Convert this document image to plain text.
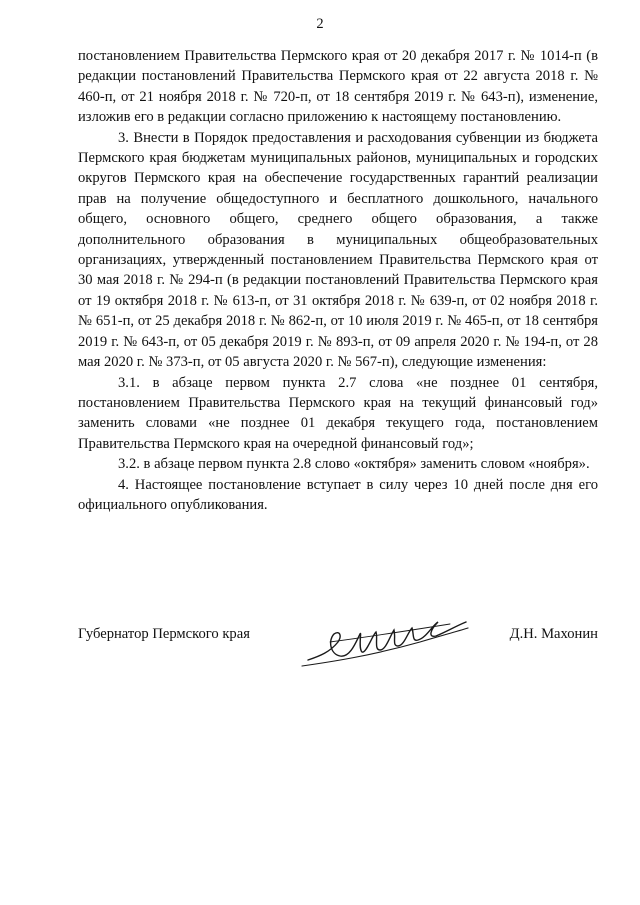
2

постановлением Правительства Пермского края от 20 декабря 2017 г. № 1014-п (в редакции постановлений Правительства Пермского края от 22 августа 2018 г. № 460-п, от 21 ноября 2018 г. № 720-п, от 18 сентября 2019 г. № 643-п), изменение, изложив его в редакции согласно приложению к настоящему постановлению.

3. Внести в Порядок предоставления и расходования субвенции из бюджета Пермского края бюджетам муниципальных районов, муниципальных и городских округов Пермского края на обеспечение государственных гарантий реализации прав на получение общедоступного и бесплатного дошкольного, начального общего, основного общего, среднего общего образования, а также дополнительного образования в муниципальных общеобразовательных организациях, утвержденный постановлением Правительства Пермского края от 30 мая 2018 г. № 294-п (в редакции постановлений Правительства Пермского края от 19 октября 2018 г. № 613-п, от 31 октября 2018 г. № 639-п, от 02 ноября 2018 г. № 651-п, от 25 декабря 2018 г. № 862-п, от 10 июля 2019 г. № 465-п, от 18 сентября 2019 г. № 643-п, от 05 декабря 2019 г. № 893-п, от 09 апреля 2020 г. № 194-п, от 28 мая 2020 г. № 373-п, от 05 августа 2020 г. № 567-п), следующие изменения:

3.1. в абзаце первом пункта 2.7 слова «не позднее 01 сентября, постановлением Правительства Пермского края на текущий финансовый год» заменить словами «не позднее 01 декабря текущего года, постановлением Правительства Пермского края на очередной финансовый год»;

3.2. в абзаце первом пункта 2.8 слово «октября» заменить словом «ноября».

4. Настоящее постановление вступает в силу через 10 дней после дня его официального опубликования.

Губернатор Пермского края	Д.Н. Махонин
